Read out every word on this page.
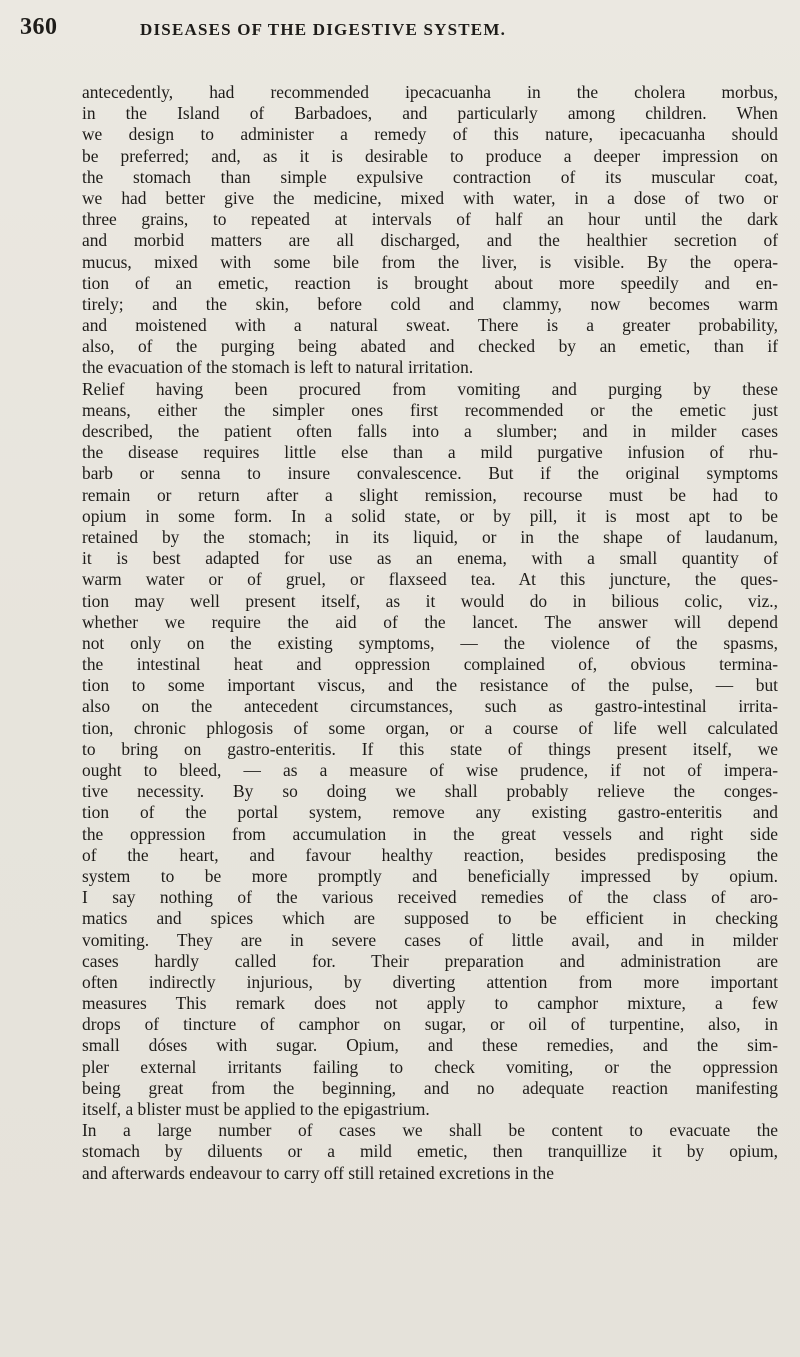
360	DISEASES OF THE DIGESTIVE SYSTEM.
antecedently, had recommended ipecacuanha in the cholera morbus,
in the Island of Barbadoes, and particularly among children. When
we design to administer a remedy of this nature, ipecacuanha should
be preferred; and, as it is desirable to produce a deeper impression on
the stomach than simple expulsive contraction of its muscular coat,
we had better give the medicine, mixed with water, in a dose of two or
three grains, to repeated at intervals of half an hour until the dark
and morbid matters are all discharged, and the healthier secretion of
mucus, mixed with some bile from the liver, is visible. By the opera-
tion of an emetic, reaction is brought about more speedily and en-
tirely; and the skin, before cold and clammy, now becomes warm
and moistened with a natural sweat. There is a greater probability,
also, of the purging being abated and checked by an emetic, than if
the evacuation of the stomach is left to natural irritation.
Relief having been procured from vomiting and purging by these
means, either the simpler ones first recommended or the emetic just
described, the patient often falls into a slumber; and in milder cases
the disease requires little else than a mild purgative infusion of rhu-
barb or senna to insure convalescence. But if the original symptoms
remain or return after a slight remission, recourse must be had to
opium in some form. In a solid state, or by pill, it is most apt to be
retained by the stomach; in its liquid, or in the shape of laudanum,
it is best adapted for use as an enema, with a small quantity of
warm water or of gruel, or flaxseed tea. At this juncture, the ques-
tion may well present itself, as it would do in bilious colic, viz.,
whether we require the aid of the lancet. The answer will depend
not only on the existing symptoms, — the violence of the spasms,
the intestinal heat and oppression complained of, obvious termina-
tion to some important viscus, and the resistance of the pulse, — but
also on the antecedent circumstances, such as gastro-intestinal irrita-
tion, chronic phlogosis of some organ, or a course of life well calculated
to bring on gastro-enteritis. If this state of things present itself, we
ought to bleed, — as a measure of wise prudence, if not of impera-
tive necessity. By so doing we shall probably relieve the conges-
tion of the portal system, remove any existing gastro-enteritis and
the oppression from accumulation in the great vessels and right side
of the heart, and favour healthy reaction, besides predisposing the
system to be more promptly and beneficially impressed by opium.
I say nothing of the various received remedies of the class of aro-
matics and spices which are supposed to be efficient in checking
vomiting. They are in severe cases of little avail, and in milder
cases hardly called for. Their preparation and administration are
often indirectly injurious, by diverting attention from more important
measures This remark does not apply to camphor mixture, a few
drops of tincture of camphor on sugar, or oil of turpentine, also, in
small dóses with sugar. Opium, and these remedies, and the sim-
pler external irritants failing to check vomiting, or the oppression
being great from the beginning, and no adequate reaction manifesting
itself, a blister must be applied to the epigastrium.
In a large number of cases we shall be content to evacuate the
stomach by diluents or a mild emetic, then tranquillize it by opium,
and afterwards endeavour to carry off still retained excretions in the
